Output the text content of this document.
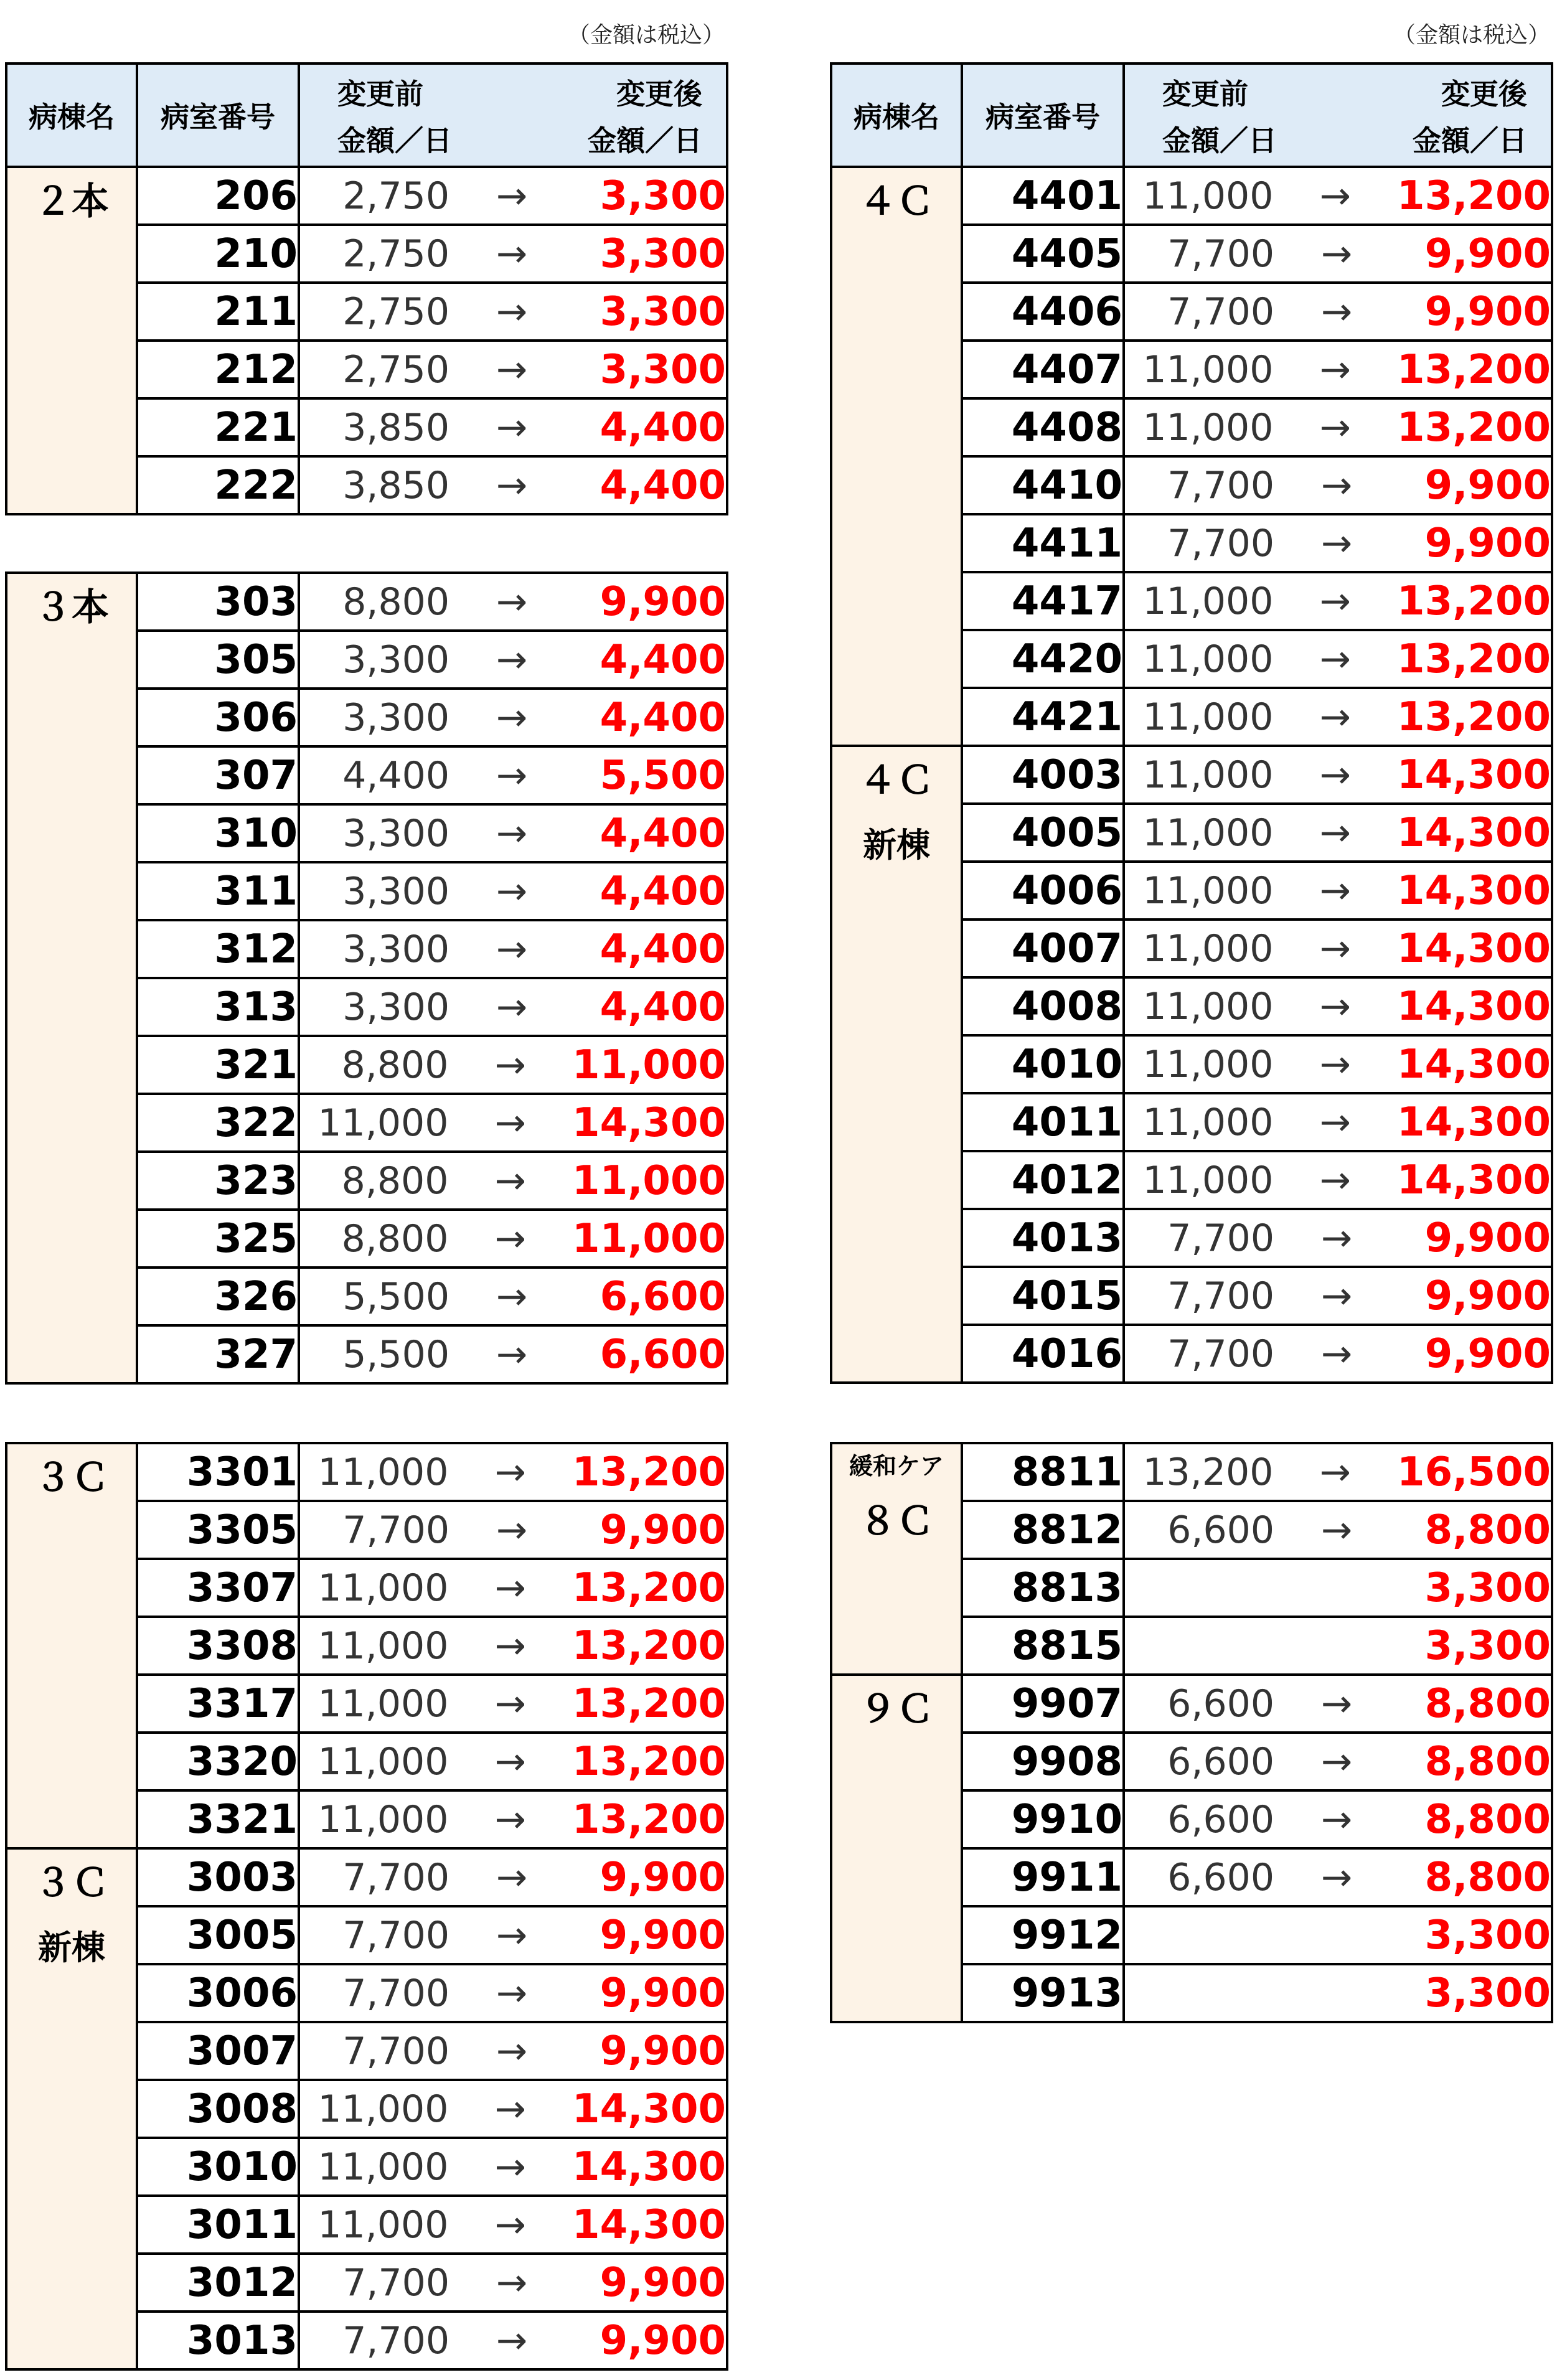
（金額は税込）	（金額は税込）
病棟名	病室番号	変更前 変更後
金額／日 金額／日

２本	206	2,750 → 3,300

	210	2,750 → 3,300

	211	2,750 → 3,300

	212	2,750 → 3,300

	221	3,850 → 4,400

	222	3,850 → 4,400
３本	303	8,800 → 9,900

	305	3,300 → 4,400

	306	3,300 → 4,400

	307	4,400 → 5,500

	310	3,300 → 4,400

	311	3,300 → 4,400

	312	3,300 → 4,400

	313	3,300 → 4,400

	321	8,800 → 11,000

	322	11,000 → 14,300

	323	8,800 → 11,000

	325	8,800 → 11,000

	326	5,500 → 6,600

	327	5,500 → 6,600
３Ｃ	3301	11,000 → 13,200

	3305	7,700 → 9,900

	3307	11,000 → 13,200

	3308	11,000 → 13,200

	3317	11,000 → 13,200

	3320	11,000 → 13,200

	3321	11,000 → 13,200

３Ｃ
新棟	3003	7,700 → 9,900

	3005	7,700 → 9,900

	3006	7,700 → 9,900

	3007	7,700 → 9,900

	3008	11,000 → 14,300

	3010	11,000 → 14,300

	3011	11,000 → 14,300

	3012	7,700 → 9,900

	3013	7,700 → 9,900
病棟名	病室番号	変更前 変更後
金額／日 金額／日

４Ｃ	4401	11,000 → 13,200

	4405	7,700 → 9,900

	4406	7,700 → 9,900

	4407	11,000 → 13,200

	4408	11,000 → 13,200

	4410	7,700 → 9,900

	4411	7,700 → 9,900

	4417	11,000 → 13,200

	4420	11,000 → 13,200

	4421	11,000 → 13,200

４Ｃ
新棟	4003	11,000 → 14,300

	4005	11,000 → 14,300

	4006	11,000 → 14,300

	4007	11,000 → 14,300

	4008	11,000 → 14,300

	4010	11,000 → 14,300

	4011	11,000 → 14,300

	4012	11,000 → 14,300

	4013	7,700 → 9,900

	4015	7,700 → 9,900

	4016	7,700 → 9,900
緩和ケア
８Ｃ	8811	13,200 → 16,500

	8812	6,600 → 8,800

	8813	3,300

	8815	3,300

９Ｃ	9907	6,600 → 8,800

	9908	6,600 → 8,800

	9910	6,600 → 8,800

	9911	6,600 → 8,800

	9912	3,300

	9913	3,300
